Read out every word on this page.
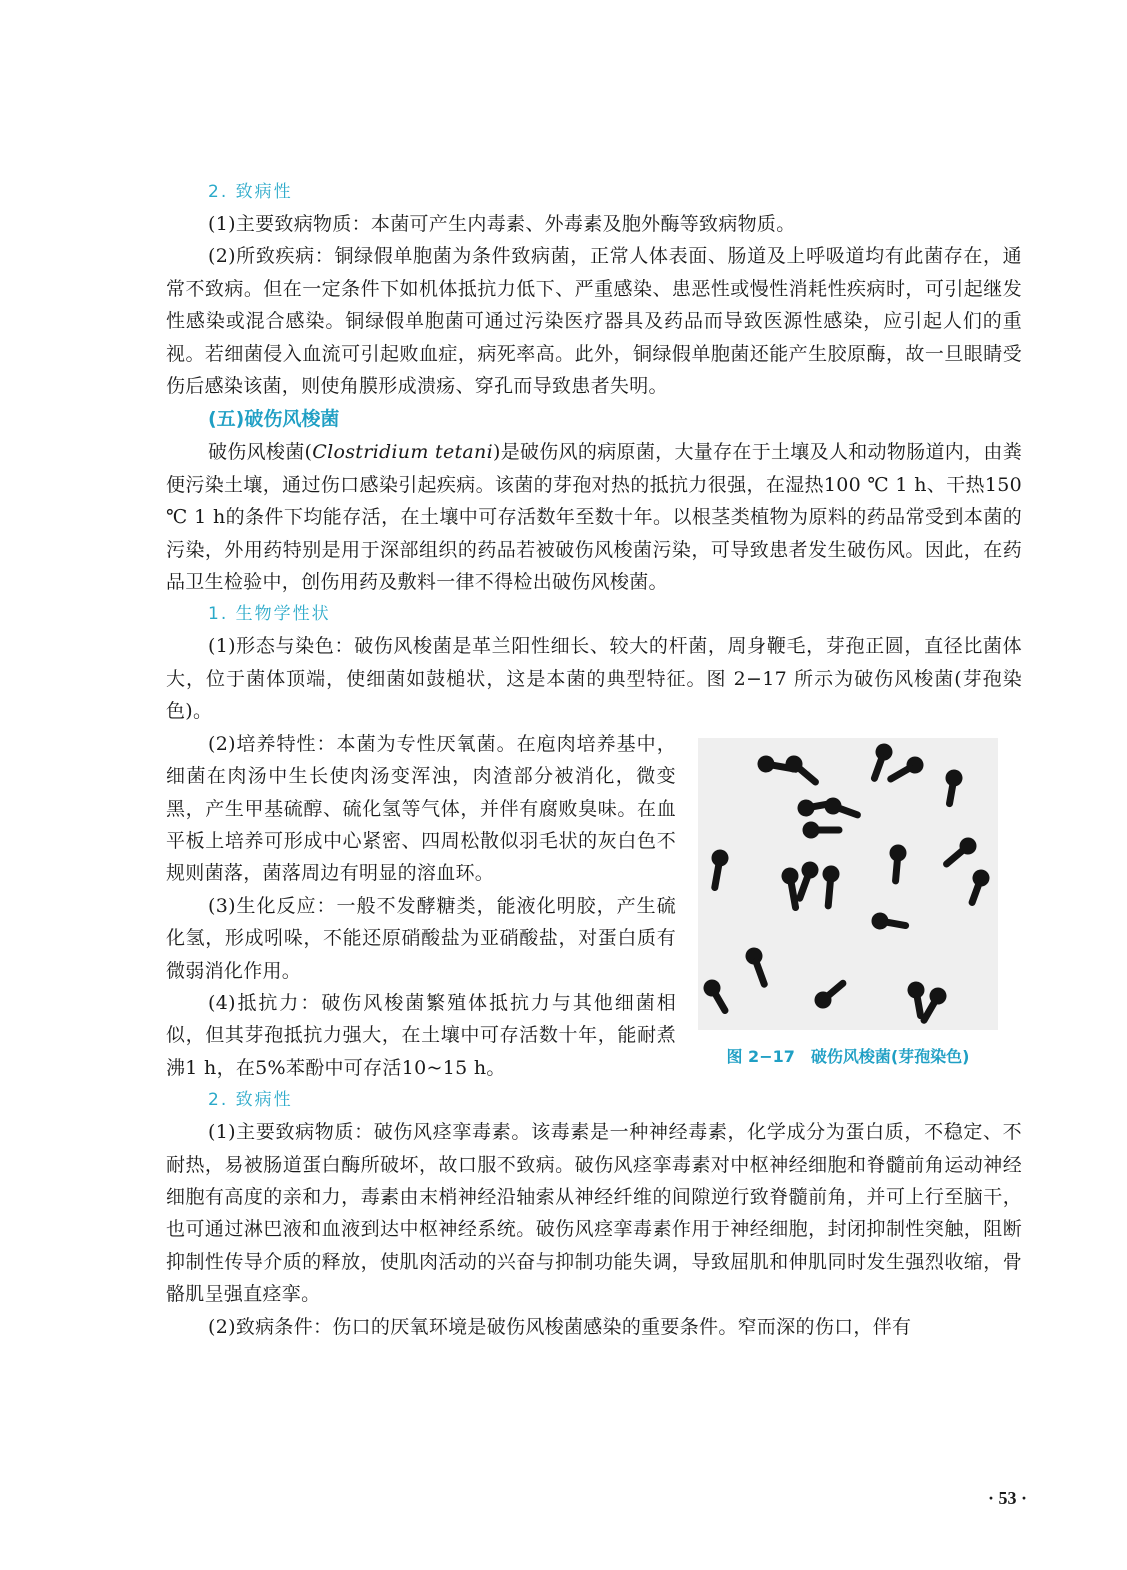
2. 致病性

(1)主要致病物质：本菌可产生内毒素、外毒素及胞外酶等致病物质。

(2)所致疾病：铜绿假单胞菌为条件致病菌，正常人体表面、肠道及上呼吸道均有此菌存在，通常不致病。但在一定条件下如机体抵抗力低下、严重感染、患恶性或慢性消耗性疾病时，可引起继发性感染或混合感染。铜绿假单胞菌可通过污染医疗器具及药品而导致医源性感染，应引起人们的重视。若细菌侵入血流可引起败血症，病死率高。此外，铜绿假单胞菌还能产生胶原酶，故一旦眼睛受伤后感染该菌，则使角膜形成溃疡、穿孔而导致患者失明。

(五)破伤风梭菌

破伤风梭菌(Clostridium tetani)是破伤风的病原菌，大量存在于土壤及人和动物肠道内，由粪便污染土壤，通过伤口感染引起疾病。该菌的芽孢对热的抵抗力很强，在湿热100 ℃ 1 h、干热150 ℃ 1 h的条件下均能存活，在土壤中可存活数年至数十年。以根茎类植物为原料的药品常受到本菌的污染，外用药特别是用于深部组织的药品若被破伤风梭菌污染，可导致患者发生破伤风。因此，在药品卫生检验中，创伤用药及敷料一律不得检出破伤风梭菌。

1. 生物学性状

(1)形态与染色：破伤风梭菌是革兰阳性细长、较大的杆菌，周身鞭毛，芽孢正圆，直径比菌体大，位于菌体顶端，使细菌如鼓槌状，这是本菌的典型特征。图 2−17 所示为破伤风梭菌(芽孢染色)。

(2)培养特性：本菌为专性厌氧菌。在庖肉培养基中，细菌在肉汤中生长使肉汤变浑浊，肉渣部分被消化，微变黑，产生甲基硫醇、硫化氢等气体，并伴有腐败臭味。在血平板上培养可形成中心紧密、四周松散似羽毛状的灰白色不规则菌落，菌落周边有明显的溶血环。

(3)生化反应：一般不发酵糖类，能液化明胶，产生硫化氢，形成吲哚，不能还原硝酸盐为亚硝酸盐，对蛋白质有微弱消化作用。

(4)抵抗力：破伤风梭菌繁殖体抵抗力与其他细菌相似，但其芽孢抵抗力强大，在土壤中可存活数十年，能耐煮沸1 h，在5%苯酚中可存活10~15 h。

图 2−17　破伤风梭菌(芽孢染色)
2. 致病性

(1)主要致病物质：破伤风痉挛毒素。该毒素是一种神经毒素，化学成分为蛋白质，不稳定、不耐热，易被肠道蛋白酶所破坏，故口服不致病。破伤风痉挛毒素对中枢神经细胞和脊髓前角运动神经细胞有高度的亲和力，毒素由末梢神经沿轴索从神经纤维的间隙逆行致脊髓前角，并可上行至脑干，也可通过淋巴液和血液到达中枢神经系统。破伤风痉挛毒素作用于神经细胞，封闭抑制性突触，阻断抑制性传导介质的释放，使肌肉活动的兴奋与抑制功能失调，导致屈肌和伸肌同时发生强烈收缩，骨骼肌呈强直痉挛。

(2)致病条件：伤口的厌氧环境是破伤风梭菌感染的重要条件。窄而深的伤口，伴有

· 53 ·
